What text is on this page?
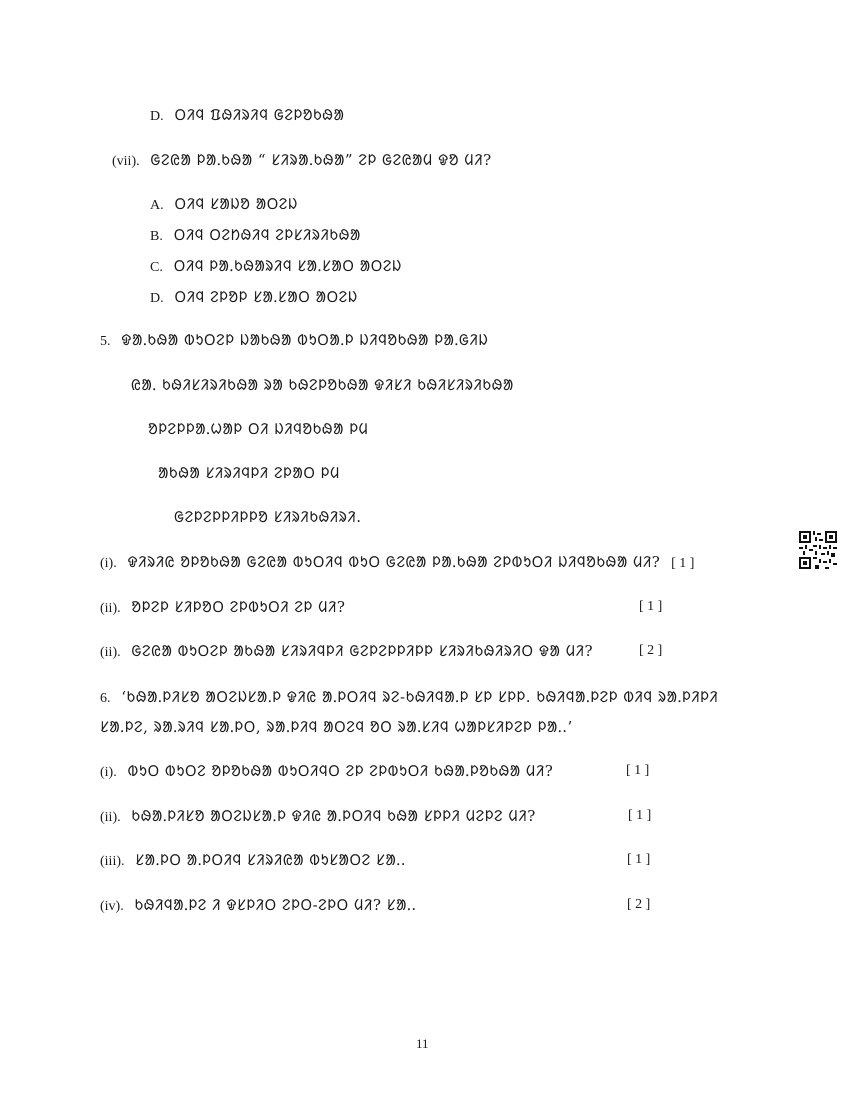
D. ᱛᱤᱧ ᱯᱷᱤᱨᱤᱧ ᱜᱮᱞᱚᱠᱷᱟ
(vii). ᱜᱮᱭᱟ ᱞᱟᱹᱠᱷᱟ “ ᱥᱤᱨᱟᱹᱠᱷᱟ” ᱮᱞ ᱜᱮᱭᱟᱢ ᱫᱚ ᱢᱤ?
A. ᱛᱤᱧ ᱥᱟᱡᱚ ᱟᱛᱮᱡ
B. ᱛᱤᱧ ᱛᱮᱴᱷᱤᱧ ᱮᱞᱥᱤᱨᱤᱠᱷᱟ
C. ᱛᱤᱧ ᱞᱟᱹᱠᱷᱟᱨᱤᱧ ᱥᱟᱹᱥᱟᱛ ᱟᱛᱮᱡ
D. ᱛᱤᱧ ᱮᱞᱚᱞ ᱥᱟᱹᱥᱟᱛ ᱟᱛᱮᱡ
5. ᱫᱟᱹᱠᱷᱟ ᱵᱩᱛᱮᱞ ᱡᱟᱠᱷᱟ ᱵᱩᱛᱟᱹᱞ ᱡᱤᱧᱚᱠᱷᱟ ᱞᱟᱹᱜᱤᱡ
ᱭᱟᱹ ᱠᱷᱤᱥᱤᱨᱤᱠᱷᱟ ᱨᱟ ᱠᱷᱮᱞᱚᱠᱷᱟ ᱫᱤᱥᱤ ᱠᱷᱤᱥᱤᱨᱤᱠᱷᱟ
ᱚᱞᱮᱞᱞᱟᱹᱦᱟᱞ ᱛᱤ ᱡᱤᱧᱚᱠᱷᱟ ᱞᱢ
ᱟᱠᱷᱟ ᱥᱤᱨᱤᱧᱞᱤ ᱮᱞᱟᱛ ᱞᱢ
ᱜᱮᱞᱮᱞᱞᱤᱞᱞᱚ ᱥᱤᱨᱤᱠᱷᱤᱨᱤ.
(i). ᱫᱤᱨᱤᱭ ᱚᱞᱚᱠᱷᱟ ᱜᱮᱭᱟ ᱵᱩᱛᱤᱧ ᱵᱩᱛ ᱜᱮᱭᱟ ᱞᱟᱹᱠᱷᱟ ᱮᱞᱵᱩᱛᱤ ᱡᱤᱧᱚᱠᱷᱟ ᱢᱤ? [ 1 ]
(ii). ᱚᱞᱮᱞ ᱥᱤᱞᱚᱛ ᱮᱞᱵᱩᱛᱤ ᱮᱞ ᱢᱤ?	[ 1 ]
(ii). ᱜᱮᱭᱟ ᱵᱩᱛᱮᱞ ᱟᱠᱷᱟ ᱥᱤᱨᱤᱧᱞᱤ ᱜᱮᱞᱮᱞᱞᱤᱞᱞ ᱥᱤᱨᱤᱠᱷᱤᱨᱤᱛ ᱫᱟ ᱢᱤ?	[ 2 ]
6. ‘ᱠᱷᱟᱹᱞᱤᱥᱚ ᱟᱛᱮᱡᱥᱟᱹᱞ ᱫᱤᱭ ᱟᱹᱞᱛᱤᱧ ᱨᱮ-ᱠᱷᱤᱧᱟᱹᱞ ᱥᱞ ᱥᱞᱞ. ᱠᱷᱤᱧᱟᱹᱞᱮᱞ ᱵᱤᱧ ᱨᱟᱹᱞᱤᱞᱤ
ᱥᱟᱹᱞᱮ, ᱨᱟᱹᱨᱤᱧ ᱥᱟᱹᱞᱛ, ᱨᱟᱹᱞᱤᱧ ᱟᱛᱮᱧ ᱚᱛ ᱨᱟᱹᱥᱤᱧ ᱦᱟᱞᱥᱤᱞᱮᱞ ᱞᱟᱹ.’
(i). ᱵᱩᱛ ᱵᱩᱛᱮ ᱚᱞᱚᱠᱷᱟ ᱵᱩᱛᱤᱧᱛ ᱮᱞ ᱮᱞᱵᱩᱛᱤ ᱠᱷᱟᱹᱞᱚᱠᱷᱟ ᱢᱤ?	[ 1 ]
(ii). ᱠᱷᱟᱹᱞᱤᱥᱚ ᱟᱛᱮᱡᱥᱟᱹᱞ ᱫᱤᱭ ᱟᱹᱞᱛᱤᱧ ᱠᱷᱟ ᱥᱞᱞᱤ ᱢᱮᱞᱮ ᱢᱤ?	[ 1 ]
(iii). ᱥᱟᱹᱞᱛ ᱟᱹᱞᱛᱤᱧ ᱥᱤᱨᱤᱭᱟ ᱵᱩᱥᱟᱛᱮ ᱥᱟᱹ.	[ 1 ]
(iv). ᱠᱷᱤᱧᱟᱹᱞᱮ ᱤ ᱫᱥᱞᱤᱛ ᱮᱞᱛ-ᱮᱞᱛ ᱢᱤ? ᱥᱟᱹ.	[ 2 ]
11
